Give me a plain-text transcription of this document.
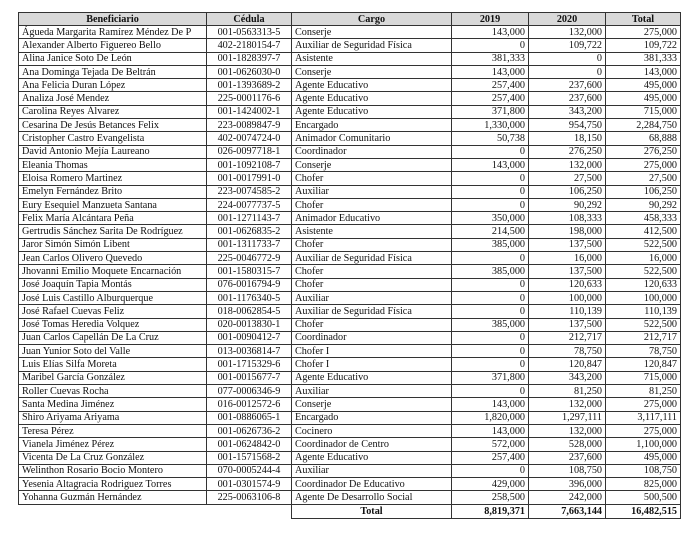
Beneficiario	Cédula	Cargo	2019	2020	Total
Águeda Margarita Ramírez Méndez De P	001-0563313-5	Conserje	143,000	132,000	275,000
Alexander Alberto Figuereo Bello	402-2180154-7	Auxiliar de Seguridad Física	0	109,722	109,722
Alina Janice Soto De León	001-1828397-7	Asistente	381,333	0	381,333
Ana Dominga Tejada De Beltrán	001-0626030-0	Conserje	143,000	0	143,000
Ana Felicia Duran López	001-1393689-2	Agente Educativo	257,400	237,600	495,000
Analiza José Mendez	225-0001176-6	Agente Educativo	257,400	237,600	495,000
Carolina Reyes Álvarez	001-1424002-1	Agente Educativo	371,800	343,200	715,000
Cesarina De Jesús Betances Felix	223-0089847-9	Encargado	1,330,000	954,750	2,284,750
Cristopher Castro Evangelista	402-0074724-0	Animador Comunitario	50,738	18,150	68,888
David Antonio Mejía Laureano	026-0097718-1	Coordinador	0	276,250	276,250
Eleania Thomas	001-1092108-7	Conserje	143,000	132,000	275,000
Eloisa Romero Martinez	001-0017991-0	Chofer	0	27,500	27,500
Emelyn Fernández Brito	223-0074585-2	Auxiliar	0	106,250	106,250
Eury Esequiel Manzueta Santana	224-0077737-5	Chofer	0	90,292	90,292
Felix María Alcántara Peña	001-1271143-7	Animador Educativo	350,000	108,333	458,333
Gertrudis Sánchez Sarita De Rodríguez	001-0626835-2	Asistente	214,500	198,000	412,500
Jaror Simón Simón Libent	001-1311733-7	Chofer	385,000	137,500	522,500
Jean Carlos Olivero Quevedo	225-0046772-9	Auxiliar de Seguridad Física	0	16,000	16,000
Jhovanni Emilio Moquete Encarnación	001-1580315-7	Chofer	385,000	137,500	522,500
José Joaquín Tapia Montás	076-0016794-9	Chofer	0	120,633	120,633
José Luis Castillo Alburquerque	001-1176340-5	Auxiliar	0	100,000	100,000
José Rafael Cuevas Feliz	018-0062854-5	Auxiliar de Seguridad Física	0	110,139	110,139
José Tomas Heredia Volquez	020-0013830-1	Chofer	385,000	137,500	522,500
Juan Carlos Capellán De La Cruz	001-0090412-7	Coordinador	0	212,717	212,717
Juan Yunior Soto del Valle	013-0036814-7	Chofer I	0	78,750	78,750
Luis Elías Silfa Moreta	001-1715329-6	Chofer I	0	120,847	120,847
Maribel García González	001-0015677-7	Agente Educativo	371,800	343,200	715,000
Roller Cuevas Rocha	077-0006346-9	Auxiliar	0	81,250	81,250
Santa Medina Jiménez	016-0012572-6	Conserje	143,000	132,000	275,000
Shiro Ariyama Ariyama	001-0886065-1	Encargado	1,820,000	1,297,111	3,117,111
Teresa Pérez	001-0626736-2	Cocinero	143,000	132,000	275,000
Vianela Jiménez Pérez	001-0624842-0	Coordinador de Centro	572,000	528,000	1,100,000
Vicenta De La Cruz González	001-1571568-2	Agente Educativo	257,400	237,600	495,000
Welinthon Rosario Bocio Montero	070-0005244-4	Auxiliar	0	108,750	108,750
Yesenia Altagracia Rodriguez Torres	001-0301574-9	Coordinador De Educativo	429,000	396,000	825,000
Yohanna Guzmán Hernández	225-0063106-8	Agente De Desarrollo Social	258,500	242,000	500,500
		Total	8,819,371	7,663,144	16,482,515
